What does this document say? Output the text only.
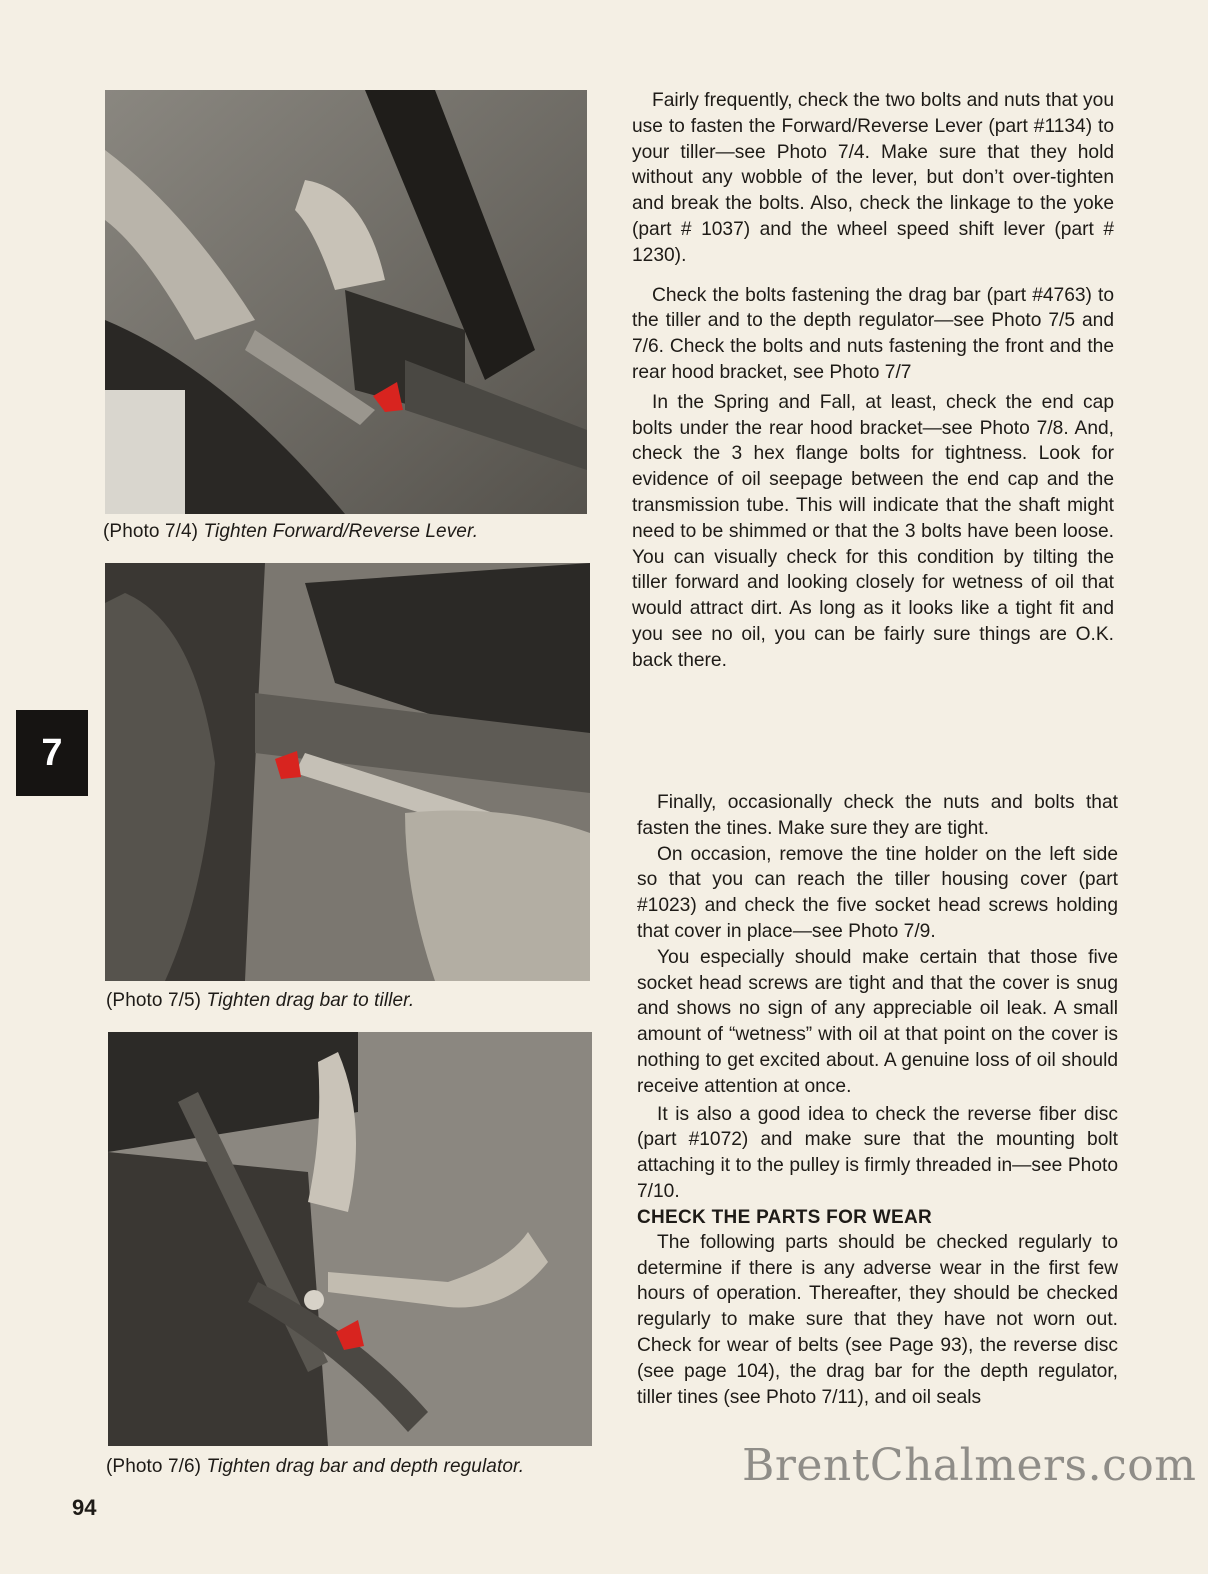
(Photo 7/4) Tighten Forward/Reverse Lever.
(Photo 7/5) Tighten drag bar to tiller.
(Photo 7/6) Tighten drag bar and depth regulator.
7
94

Fairly frequently, check the two bolts and nuts that you use to fasten the Forward/Reverse Lever (part #1134) to your tiller—see Photo 7/4. Make sure that they hold without any wobble of the lever, but don’t over-tighten and break the bolts. Also, check the linkage to the yoke (part # 1037) and the wheel speed shift lever (part # 1230).

Check the bolts fastening the drag bar (part #4763) to the tiller and to the depth regulator—see Photo 7/5 and 7/6. Check the bolts and nuts fastening the front and the rear hood bracket, see Photo 7/7

In the Spring and Fall, at least, check the end cap bolts under the rear hood bracket—see Photo 7/8. And, check the 3 hex flange bolts for tightness. Look for evidence of oil seepage between the end cap and the transmission tube. This will indicate that the shaft might need to be shimmed or that the 3 bolts have been loose. You can visually check for this condition by tilting the tiller forward and looking closely for wetness of oil that would attract dirt. As long as it looks like a tight fit and you see no oil, you can be fairly sure things are O.K. back there.

Finally, occasionally check the nuts and bolts that fasten the tines. Make sure they are tight.

On occasion, remove the tine holder on the left side so that you can reach the tiller housing cover (part #1023) and check the five socket head screws holding that cover in place—see Photo 7/9.

You especially should make certain that those five socket head screws are tight and that the cover is snug and shows no sign of any appreciable oil leak. A small amount of “wetness” with oil at that point on the cover is nothing to get excited about. A genuine loss of oil should receive attention at once.

It is also a good idea to check the reverse fiber disc (part #1072) and make sure that the mounting bolt attaching it to the pulley is firmly threaded in—see Photo 7/10.

CHECK THE PARTS FOR WEAR

The following parts should be checked regularly to determine if there is any adverse wear in the first few hours of operation. Thereafter, they should be checked regularly to make sure that they have not worn out. Check for wear of belts (see Page 93), the reverse disc (see page 104), the drag bar for the depth regulator, tiller tines (see Photo 7/11), and oil seals

BrentChalmers.com
